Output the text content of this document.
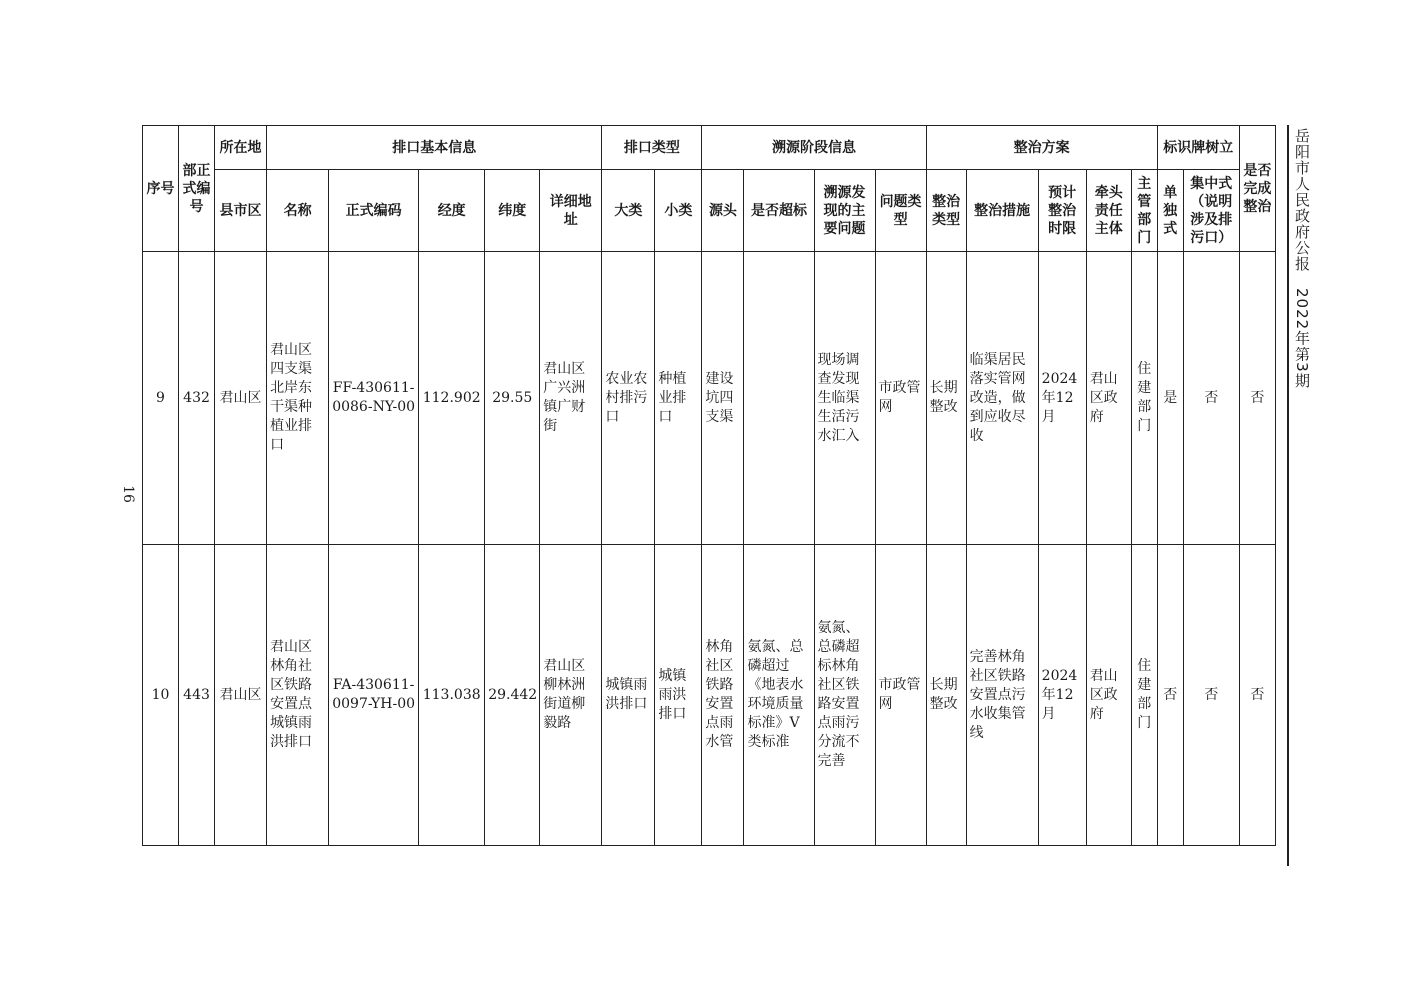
16
岳阳市人民政府公报　2022年第3期
序号	部正式编号	所在地	排口基本信息					排口类型		溯源阶段信息				整治方案					标识牌树立		是否完成整治
		县市区	名称	正式编码	经度	纬度	详细地址	大类	小类	源头	是否超标	溯源发现的主要问题	问题类型	整治类型	整治措施	预计整治时限	牵头责任主体	主管部门	单独式	集中式（说明涉及排污口）	
9	432	君山区	君山区四支渠北岸东干渠种植业排口	FF-430611-0086-NY-00	112.902	29.55	君山区广兴洲镇广财街	农业农村排污口	种植业排口	建设坑四支渠		现场调查发现生临渠生活污水汇入	市政管网	长期整改	临渠居民落实管网改造，做到应收尽收	2024年12月	君山区政府	住建部门	是	否	否
10	443	君山区	君山区林角社区铁路安置点城镇雨洪排口	FA-430611-0097-YH-00	113.038	29.442	君山区柳林洲街道柳毅路	城镇雨洪排口	城镇雨洪排口	林角社区铁路安置点雨水管	氨氮、总磷超过《地表水环境质量标准》V类标准	氨氮、总磷超标林角社区铁路安置点雨污分流不完善	市政管网	长期整改	完善林角社区铁路安置点污水收集管线	2024年12月	君山区政府	住建部门	否	否	否
